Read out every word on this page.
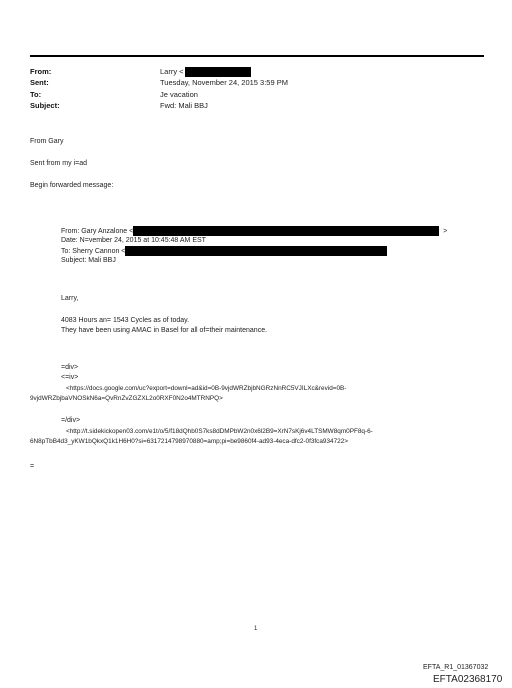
From:	Larry <
Sent:	Tuesday, November 24, 2015 3:59 PM
To:	Je vacation
Subject:	Fwd: Mali BBJ
From Gary
Sent from my i=ad
Begin forwarded message:
From: Gary Anzalone <	>
Date: N=vember 24, 2015 at 10:45:48 AM EST
To: Sherry Cannon <
Subject: Mali BBJ
Larry,
4083 Hours an= 1543 Cycles as of today.
They have been using AMAC in Basel for all of=their maintenance.
=div>
<=iv>
<https://docs.google.com/uc?export=downl=ad&id=0B-9vjdWRZbjbNGRzNnRC5VJILXc&revid=0B-
9vjdWRZbjbaVNOSkN6a=QvRnZvZGZXL2o0RXF0N2o4MTRNPQ>
=/div>
<http://t.sidekickopen03.com/e1t/o/5/f18dQhb0S7ks8dDMPbW2n0x6l2B9=XrN7sKj6v4LTSMW8qm0PF8q-6-
6N8pTbB4d3_yKW1bQkxQ1k1H6H0?si=6317214798970880=amp;pi=be9860f4-ad93-4eca-dfc2-0f3fca934722>
=
1
EFTA_R1_01367032
EFTA02368170
